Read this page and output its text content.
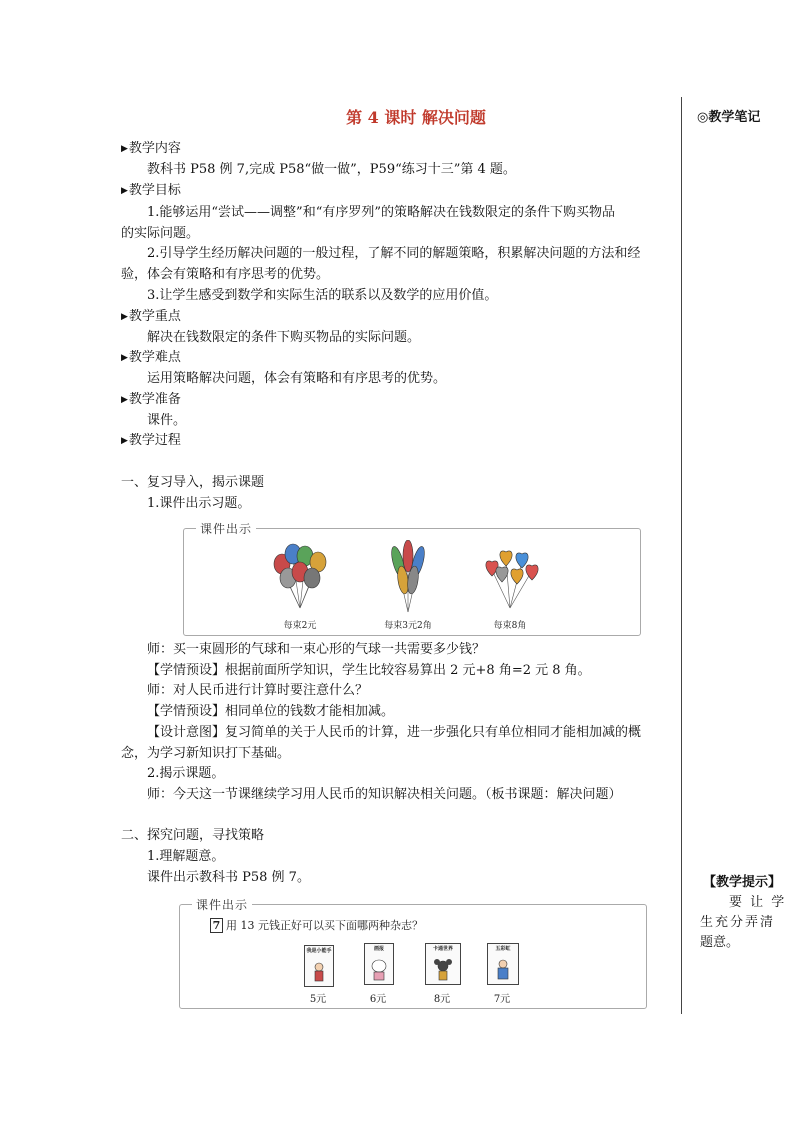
第 4 课时 解决问题	◎教学笔记
【教学提示】
要 让 学
生充分弄清
题意。
▶教学内容
教科书 P58 例 7,完成 P58“做一做”，P59“练习十三”第 4 题。
▶教学目标
1.能够运用“尝试——调整”和“有序罗列”的策略解决在钱数限定的条件下购买物品
的实际问题。
2.引导学生经历解决问题的一般过程，了解不同的解题策略，积累解决问题的方法和经
验，体会有策略和有序思考的优势。
3.让学生感受到数学和实际生活的联系以及数学的应用价值。
▶教学重点
解决在钱数限定的条件下购买物品的实际问题。
▶教学难点
运用策略解决问题，体会有策略和有序思考的优势。
▶教学准备
课件。
▶教学过程
一、复习导入，揭示课题
1.课件出示习题。
课件出示
每束2元	每束3元2角	每束8角
师：买一束圆形的气球和一束心形的气球一共需要多少钱？
【学情预设】根据前面所学知识，学生比较容易算出 2 元+8 角=2 元 8 角。
师：对人民币进行计算时要注意什么？
【学情预设】相同单位的钱数才能相加减。
【设计意图】复习简单的关于人民币的计算，进一步强化只有单位相同才能相加减的概
念，为学习新知识打下基础。
2.揭示课题。
师：今天这一节课继续学习用人民币的知识解决相关问题。（板书课题：解决问题）
二、探究问题，寻找策略
1.理解题意。
课件出示教科书 P58 例 7。
课件出示
7 用 13 元钱正好可以买下面哪两种杂志？
我是小能手
5元
画报
6元
卡通世界
8元
五彩虹
7元
